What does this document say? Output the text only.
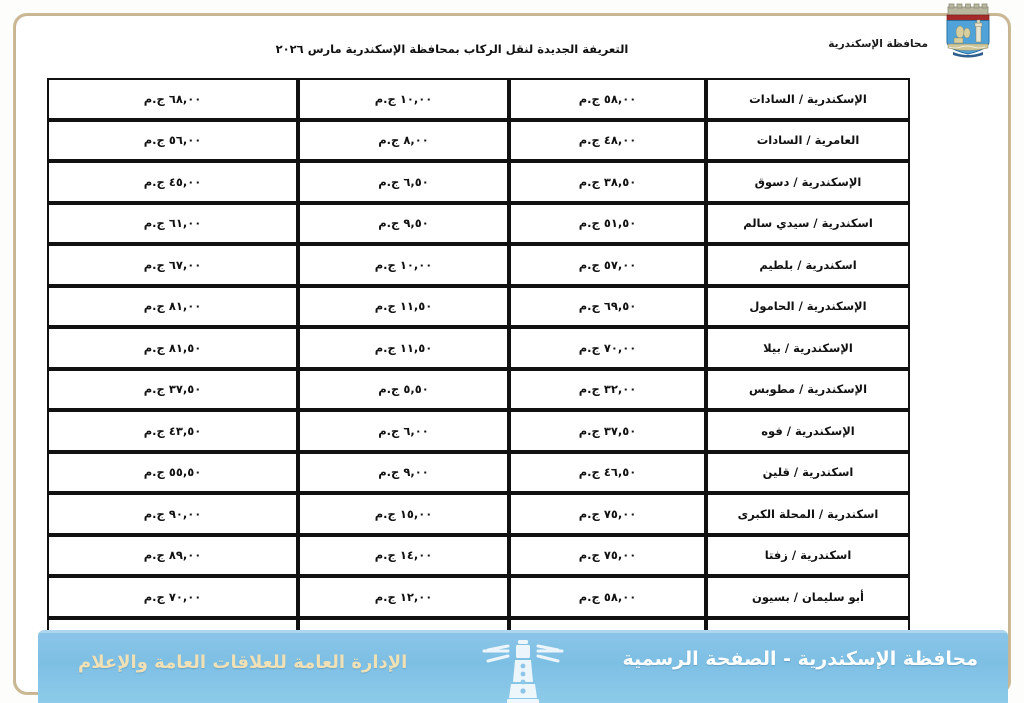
محافظة الإسكندرية
التعريفة الجديدة لنقل الركاب بمحافظة الإسكندرية مارس ٢٠٢٦
الإسكندرية / السادات	٥٨,٠٠ ج.م	١٠,٠٠ ج.م	٦٨,٠٠ ج.م
العامرية / السادات	٤٨,٠٠ ج.م	٨,٠٠ ج.م	٥٦,٠٠ ج.م
الإسكندرية / دسوق	٣٨,٥٠ ج.م	٦,٥٠ ج.م	٤٥,٠٠ ج.م
اسكندرية / سيدي سالم	٥١,٥٠ ج.م	٩,٥٠ ج.م	٦١,٠٠ ج.م
اسكندرية / بلطيم	٥٧,٠٠ ج.م	١٠,٠٠ ج.م	٦٧,٠٠ ج.م
الإسكندرية / الحامول	٦٩,٥٠ ج.م	١١,٥٠ ج.م	٨١,٠٠ ج.م
الإسكندرية / بيلا	٧٠,٠٠ ج.م	١١,٥٠ ج.م	٨١,٥٠ ج.م
الإسكندرية / مطوبس	٣٢,٠٠ ج.م	٥,٥٠ ج.م	٣٧,٥٠ ج.م
الإسكندرية / فوه	٣٧,٥٠ ج.م	٦,٠٠ ج.م	٤٣,٥٠ ج.م
اسكندرية / قلين	٤٦,٥٠ ج.م	٩,٠٠ ج.م	٥٥,٥٠ ج.م
اسكندرية / المحلة الكبرى	٧٥,٠٠ ج.م	١٥,٠٠ ج.م	٩٠,٠٠ ج.م
اسكندرية / زفتا	٧٥,٠٠ ج.م	١٤,٠٠ ج.م	٨٩,٠٠ ج.م
أبو سليمان / بسيون	٥٨,٠٠ ج.م	١٢,٠٠ ج.م	٧٠,٠٠ ج.م

محافظة الإسكندرية - الصفحة الرسمية
الإدارة العامة للعلاقات العامة والإعلام
